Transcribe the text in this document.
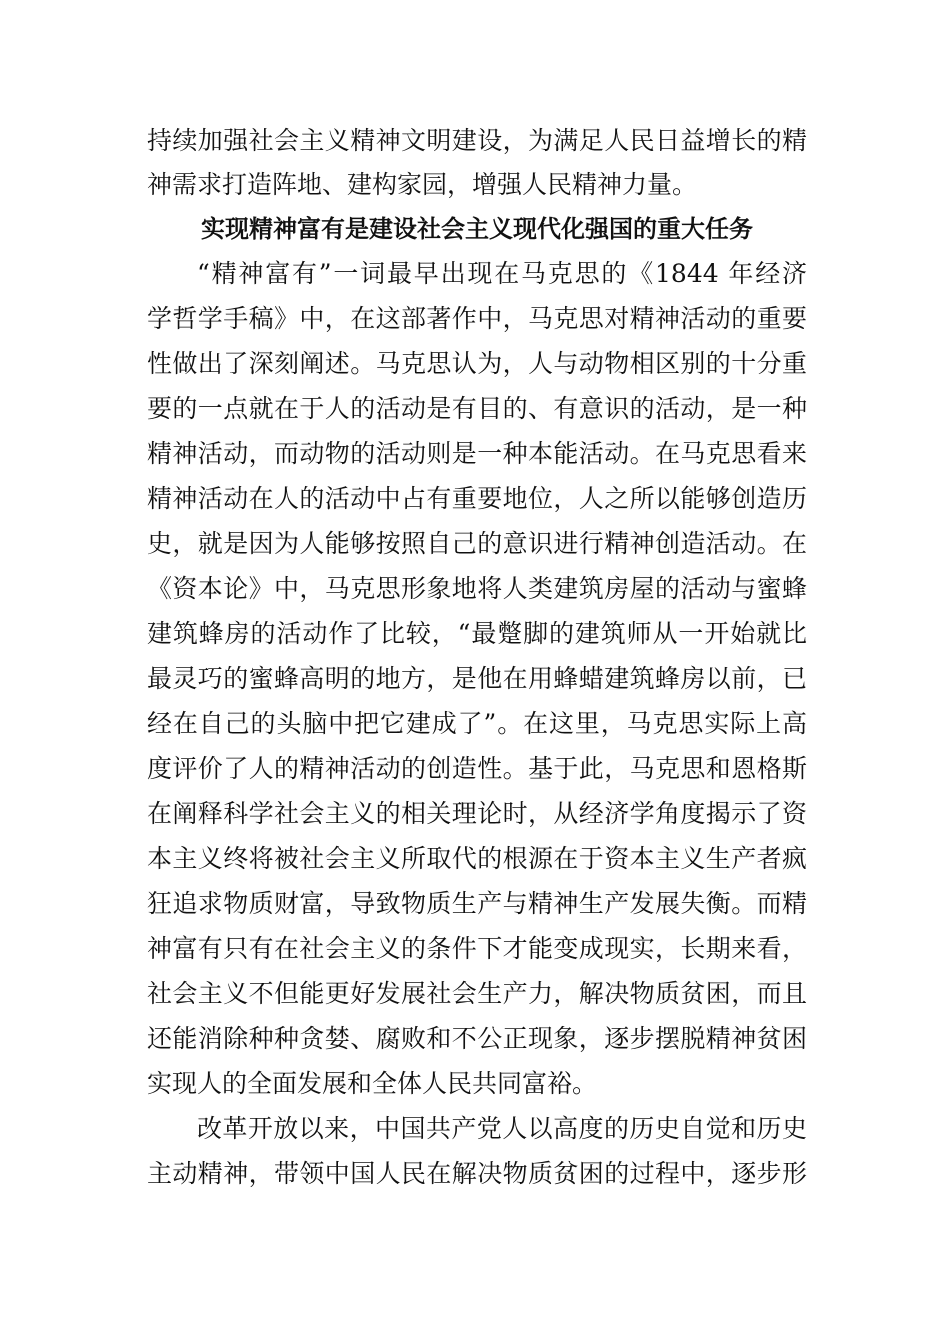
持续加强社会主义精神文明建设，为满足人民日益增长的精
神需求打造阵地、建构家园，增强人民精神力量。
实现精神富有是建设社会主义现代化强国的重大任务
“精神富有”一词最早出现在马克思的《1844 年经济
学哲学手稿》中，在这部著作中，马克思对精神活动的重要
性做出了深刻阐述。马克思认为，人与动物相区别的十分重
要的一点就在于人的活动是有目的、有意识的活动，是一种
精神活动，而动物的活动则是一种本能活动。在马克思看来
精神活动在人的活动中占有重要地位，人之所以能够创造历
史，就是因为人能够按照自己的意识进行精神创造活动。在
《资本论》中，马克思形象地将人类建筑房屋的活动与蜜蜂
建筑蜂房的活动作了比较，“最蹩脚的建筑师从一开始就比
最灵巧的蜜蜂高明的地方，是他在用蜂蜡建筑蜂房以前，已
经在自己的头脑中把它建成了”。在这里，马克思实际上高
度评价了人的精神活动的创造性。基于此，马克思和恩格斯
在阐释科学社会主义的相关理论时，从经济学角度揭示了资
本主义终将被社会主义所取代的根源在于资本主义生产者疯
狂追求物质财富，导致物质生产与精神生产发展失衡。而精
神富有只有在社会主义的条件下才能变成现实，长期来看，
社会主义不但能更好发展社会生产力，解决物质贫困，而且
还能消除种种贪婪、腐败和不公正现象，逐步摆脱精神贫困
实现人的全面发展和全体人民共同富裕。
改革开放以来，中国共产党人以高度的历史自觉和历史
主动精神，带领中国人民在解决物质贫困的过程中，逐步形
